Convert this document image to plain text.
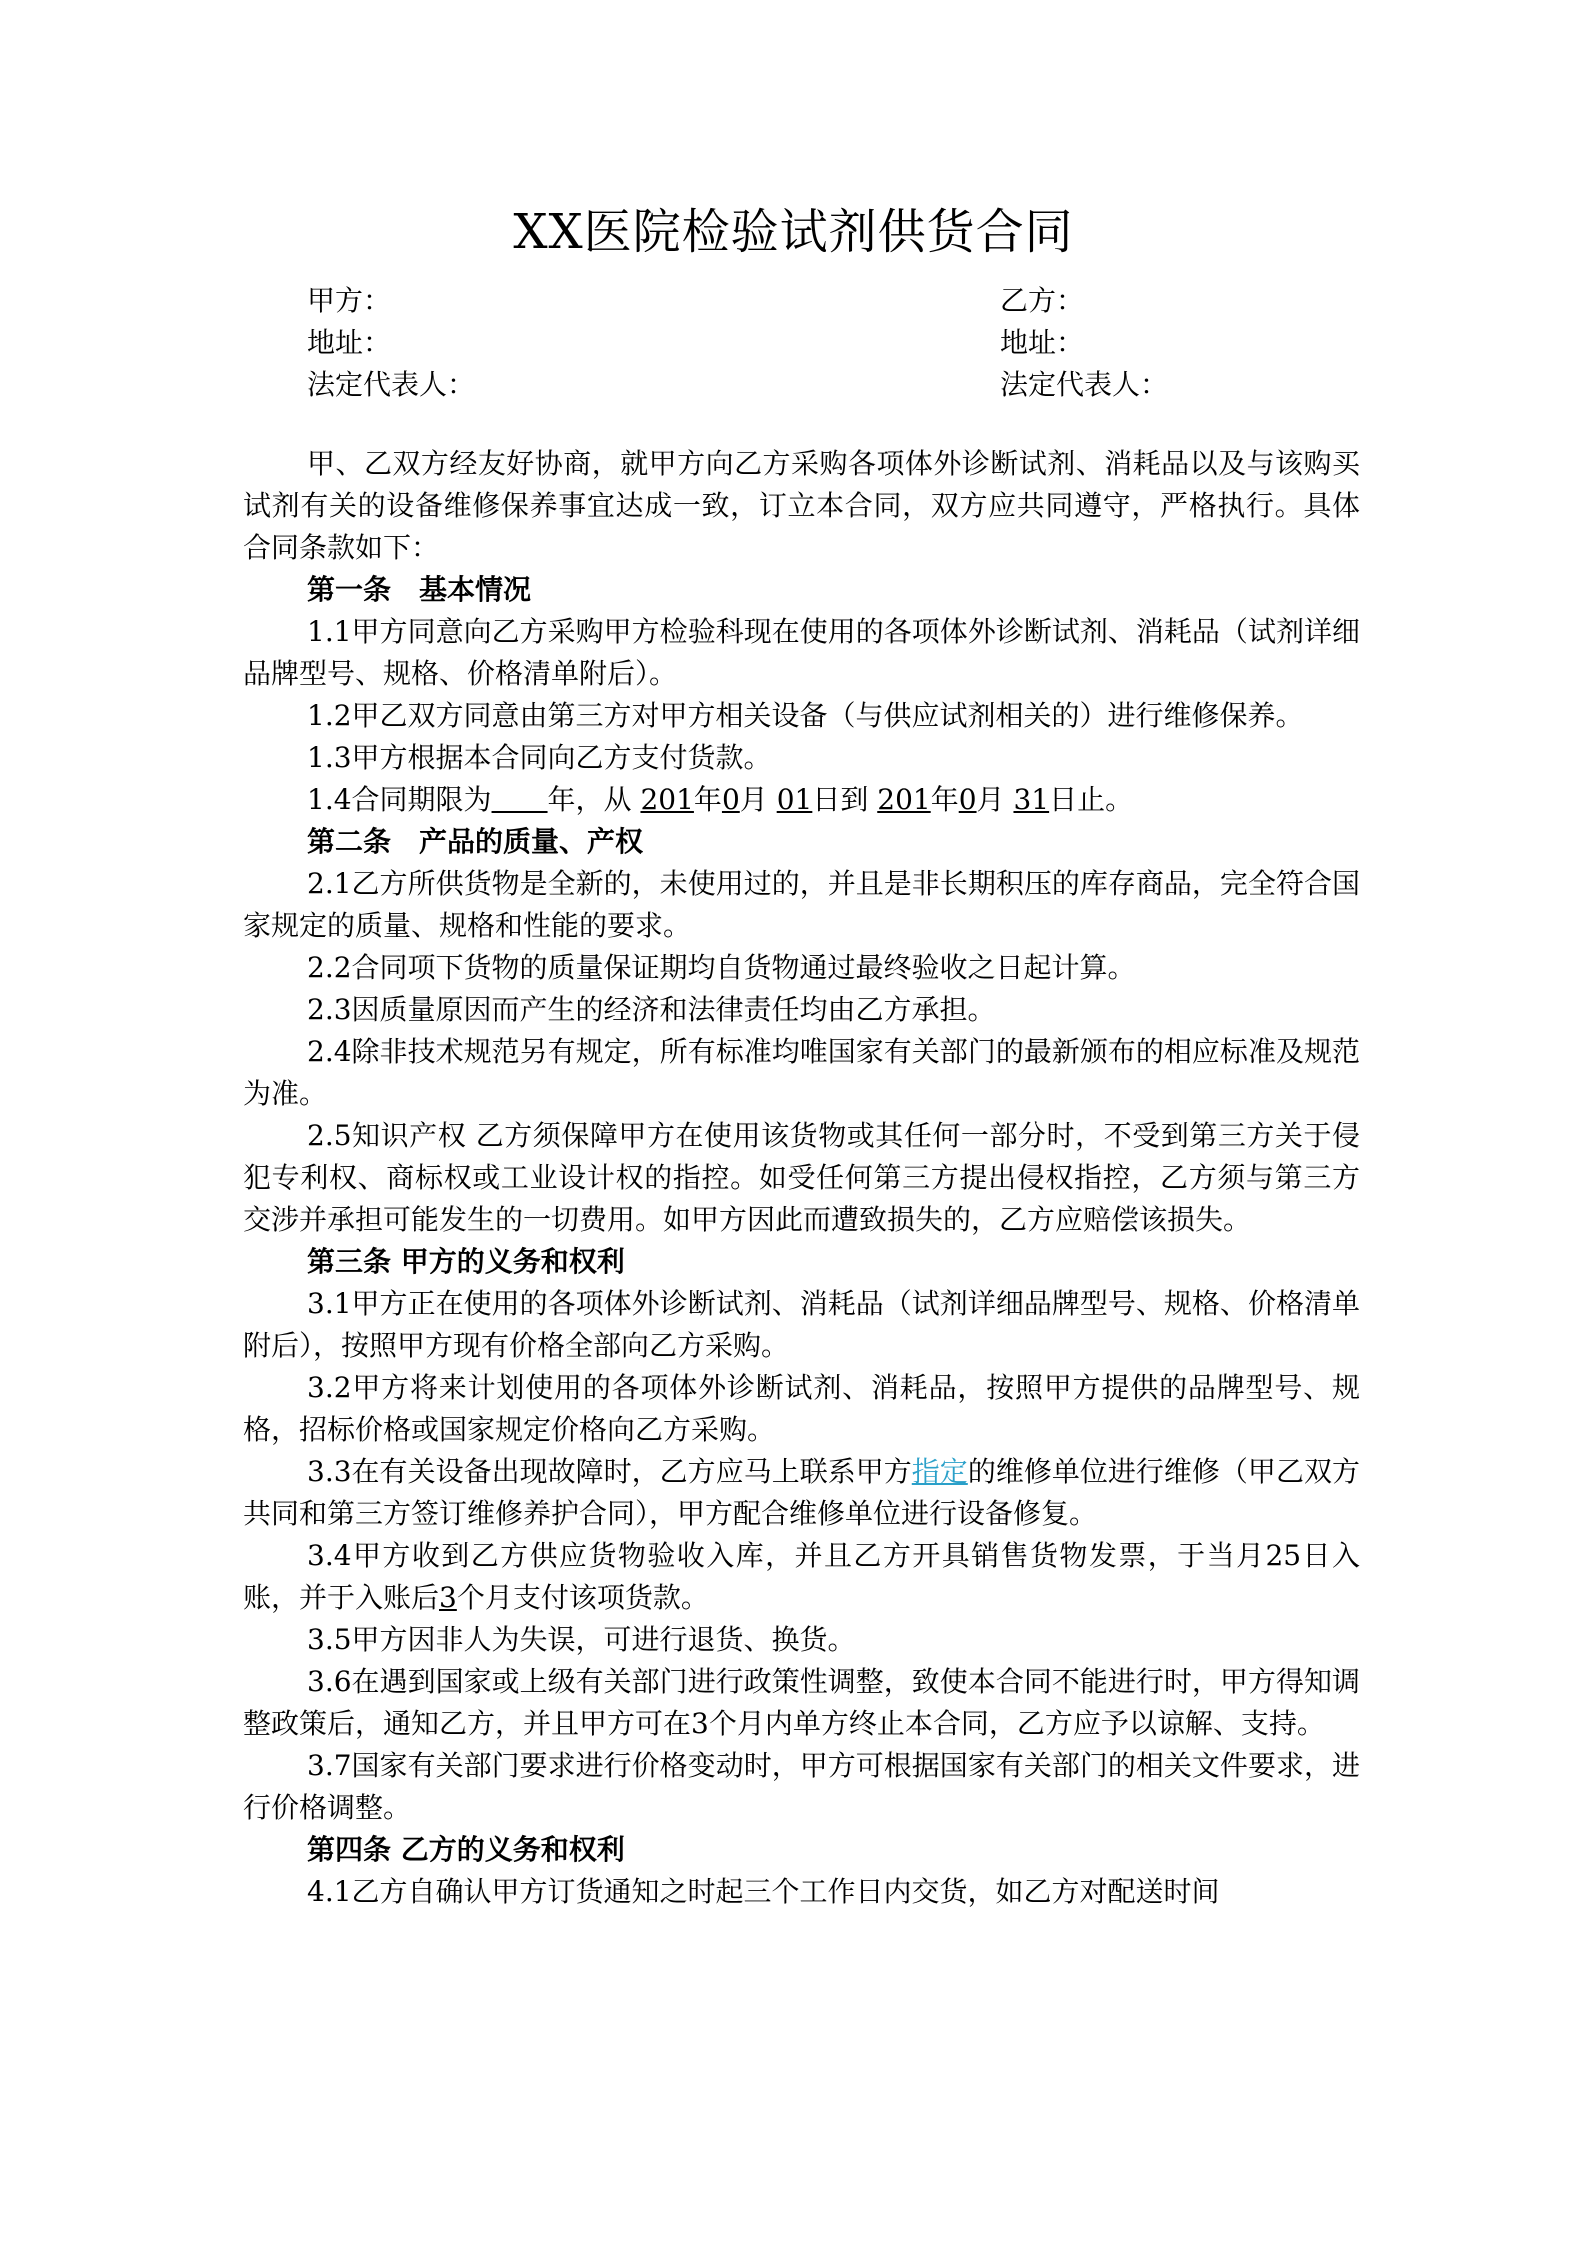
XX医院检验试剂供货合同
甲方：
地址：
法定代表人：
乙方：
地址：
法定代表人：

甲、乙双方经友好协商，就甲方向乙方采购各项体外诊断试剂、消耗品以及与该购买试剂有关的设备维修保养事宜达成一致，订立本合同，双方应共同遵守，严格执行。具体合同条款如下：

第一条　基本情况

1.1甲方同意向乙方采购甲方检验科现在使用的各项体外诊断试剂、消耗品（试剂详细品牌型号、规格、价格清单附后）。

1.2甲乙双方同意由第三方对甲方相关设备（与供应试剂相关的）进行维修保养。

1.3甲方根据本合同向乙方支付货款。

1.4合同期限为　　 年，从 201年0月 01日到 201年0月 31日止。

第二条　产品的质量、产权

2.1乙方所供货物是全新的，未使用过的，并且是非长期积压的库存商品，完全符合国家规定的质量、规格和性能的要求。

2.2合同项下货物的质量保证期均自货物通过最终验收之日起计算。

2.3因质量原因而产生的经济和法律责任均由乙方承担。

2.4除非技术规范另有规定，所有标准均唯国家有关部门的最新颁布的相应标准及规范为准。

2.5知识产权 乙方须保障甲方在使用该货物或其任何一部分时，不受到第三方关于侵犯专利权、商标权或工业设计权的指控。如受任何第三方提出侵权指控，乙方须与第三方交涉并承担可能发生的一切费用。如甲方因此而遭致损失的，乙方应赔偿该损失。

第三条 甲方的义务和权利

3.1甲方正在使用的各项体外诊断试剂、消耗品（试剂详细品牌型号、规格、价格清单附后），按照甲方现有价格全部向乙方采购。

3.2甲方将来计划使用的各项体外诊断试剂、消耗品，按照甲方提供的品牌型号、规格，招标价格或国家规定价格向乙方采购。

3.3在有关设备出现故障时，乙方应马上联系甲方指定的维修单位进行维修（甲乙双方共同和第三方签订维修养护合同），甲方配合维修单位进行设备修复。

3.4甲方收到乙方供应货物验收入库，并且乙方开具销售货物发票，于当月25日入账，并于入账后3个月支付该项货款。

3.5甲方因非人为失误，可进行退货、换货。

3.6在遇到国家或上级有关部门进行政策性调整，致使本合同不能进行时，甲方得知调整政策后，通知乙方，并且甲方可在3个月内单方终止本合同，乙方应予以谅解、支持。

3.7国家有关部门要求进行价格变动时，甲方可根据国家有关部门的相关文件要求，进行价格调整。

第四条 乙方的义务和权利

4.1乙方自确认甲方订货通知之时起三个工作日内交货，如乙方对配送时间
